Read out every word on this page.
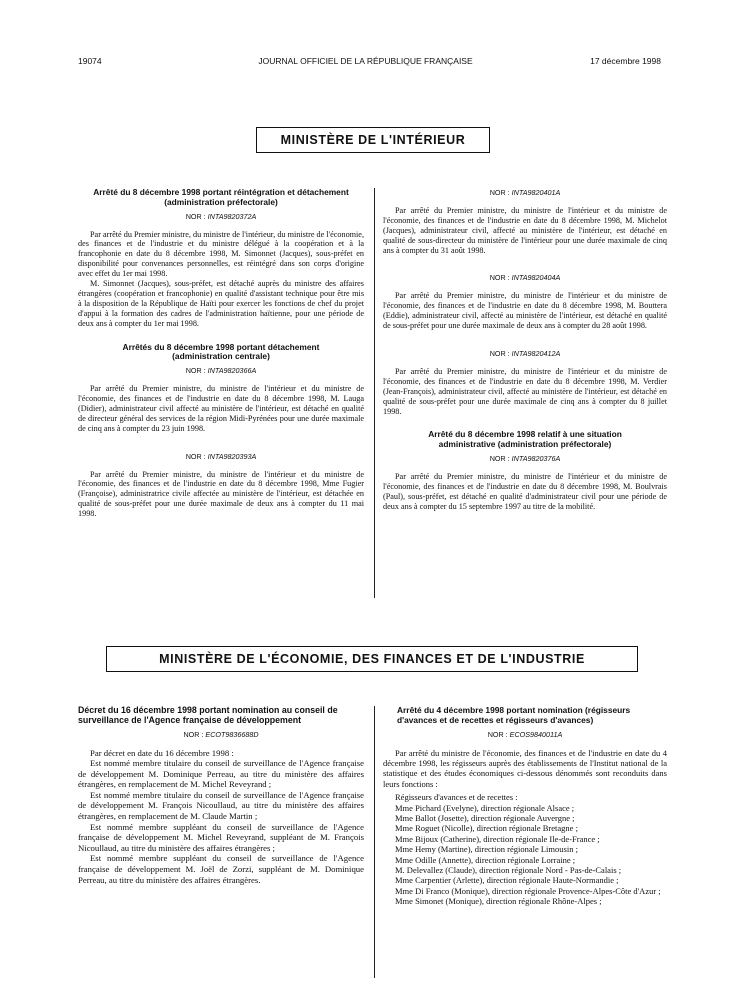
19074	JOURNAL OFFICIEL DE LA RÉPUBLIQUE FRANÇAISE	17 décembre 1998
MINISTÈRE DE L'INTÉRIEUR
Arrêté du 8 décembre 1998 portant réintégration et détachement (administration préfectorale)
NOR : INTA9820372A

Par arrêté du Premier ministre, du ministre de l'intérieur, du ministre de l'économie, des finances et de l'industrie et du ministre délégué à la coopération et à la francophonie en date du 8 décembre 1998, M. Simonnet (Jacques), sous-préfet en disponibilité pour convenances personnelles, est réintégré dans son corps d'origine avec effet du 1er mai 1998.

M. Simonnet (Jacques), sous-préfet, est détaché auprès du ministre des affaires étrangères (coopération et francophonie) en qualité d'assistant technique pour être mis à la disposition de la République de Haïti pour exercer les fonctions de chef du projet d'appui à la formation des cadres de l'administration haïtienne, pour une période de deux ans à compter du 1er mai 1998.

Arrêtés du 8 décembre 1998 portant détachement (administration centrale)
NOR : INTA9820366A

Par arrêté du Premier ministre, du ministre de l'intérieur et du ministre de l'économie, des finances et de l'industrie en date du 8 décembre 1998, M. Lauga (Didier), administrateur civil affecté au ministère de l'intérieur, est détaché en qualité de directeur général des services de la région Midi-Pyrénées pour une durée maximale de cinq ans à compter du 23 juin 1998.

NOR : INTA9820393A

Par arrêté du Premier ministre, du ministre de l'intérieur et du ministre de l'économie, des finances et de l'industrie en date du 8 décembre 1998, Mme Fugier (Françoise), administratrice civile affectée au ministère de l'intérieur, est détachée en qualité de sous-préfet pour une durée maximale de deux ans à compter du 11 mai 1998.

NOR : INTA9820401A

Par arrêté du Premier ministre, du ministre de l'intérieur et du ministre de l'économie, des finances et de l'industrie en date du 8 décembre 1998, M. Michelot (Jacques), administrateur civil, affecté au ministère de l'intérieur, est détaché en qualité de sous-directeur du ministère de l'intérieur pour une durée maximale de cinq ans à compter du 31 août 1998.

NOR : INTA9820404A

Par arrêté du Premier ministre, du ministre de l'intérieur et du ministre de l'économie, des finances et de l'industrie en date du 8 décembre 1998, M. Bouttera (Eddie), administrateur civil, affecté au ministère de l'intérieur, est détaché en qualité de sous-préfet pour une durée maximale de deux ans à compter du 28 août 1998.

NOR : INTA9820412A

Par arrêté du Premier ministre, du ministre de l'intérieur et du ministre de l'économie, des finances et de l'industrie en date du 8 décembre 1998, M. Verdier (Jean-François), administrateur civil, affecté au ministère de l'intérieur, est détaché en qualité de sous-préfet pour une durée maximale de cinq ans à compter du 8 juillet 1998.

Arrêté du 8 décembre 1998 relatif à une situation administrative (administration préfectorale)
NOR : INTA9820376A

Par arrêté du Premier ministre, du ministre de l'intérieur et du ministre de l'économie, des finances et de l'industrie en date du 8 décembre 1998, M. Boulvrais (Paul), sous-préfet, est détaché en qualité d'administrateur civil pour une période de deux ans à compter du 15 septembre 1997 au titre de la mobilité.

MINISTÈRE DE L'ÉCONOMIE, DES FINANCES ET DE L'INDUSTRIE
Décret du 16 décembre 1998 portant nomination au conseil de surveillance de l'Agence française de développement
NOR : ECOT9836688D

Par décret en date du 16 décembre 1998 :

Est nommé membre titulaire du conseil de surveillance de l'Agence française de développement M. Dominique Perreau, au titre du ministère des affaires étrangères, en remplacement de M. Michel Reveyrand ;

Est nommé membre titulaire du conseil de surveillance de l'Agence française de développement M. François Nicoullaud, au titre du ministère des affaires étrangères, en remplacement de M. Claude Martin ;

Est nommé membre suppléant du conseil de surveillance de l'Agence française de développement M. Michel Reveyrand, suppléant de M. François Nicoullaud, au titre du ministère des affaires étrangères ;

Est nommé membre suppléant du conseil de surveillance de l'Agence française de développement M. Joël de Zorzi, suppléant de M. Dominique Perreau, au titre du ministère des affaires étrangères.

Arrêté du 4 décembre 1998 portant nomination (régisseurs d'avances et de recettes et régisseurs d'avances)
NOR : ECOS9840011A

Par arrêté du ministre de l'économie, des finances et de l'industrie en date du 4 décembre 1998, les régisseurs auprès des établissements de l'Institut national de la statistique et des études économiques ci-dessous dénommés sont reconduits dans leurs fonctions :

Régisseurs d'avances et de recettes :

Mme Pichard (Evelyne), direction régionale Alsace ;

Mme Ballot (Josette), direction régionale Auvergne ;

Mme Roguet (Nicolle), direction régionale Bretagne ;

Mme Bijoux (Catherine), direction régionale Ile-de-France ;

Mme Hemy (Martine), direction régionale Limousin ;

Mme Odille (Annette), direction régionale Lorraine ;

M. Delevallez (Claude), direction régionale Nord - Pas-de-Calais ;

Mme Carpentier (Arlette), direction régionale Haute-Normandie ;

Mme Di Franco (Monique), direction régionale Provence-Alpes-Côte d'Azur ;

Mme Simonet (Monique), direction régionale Rhône-Alpes ;
